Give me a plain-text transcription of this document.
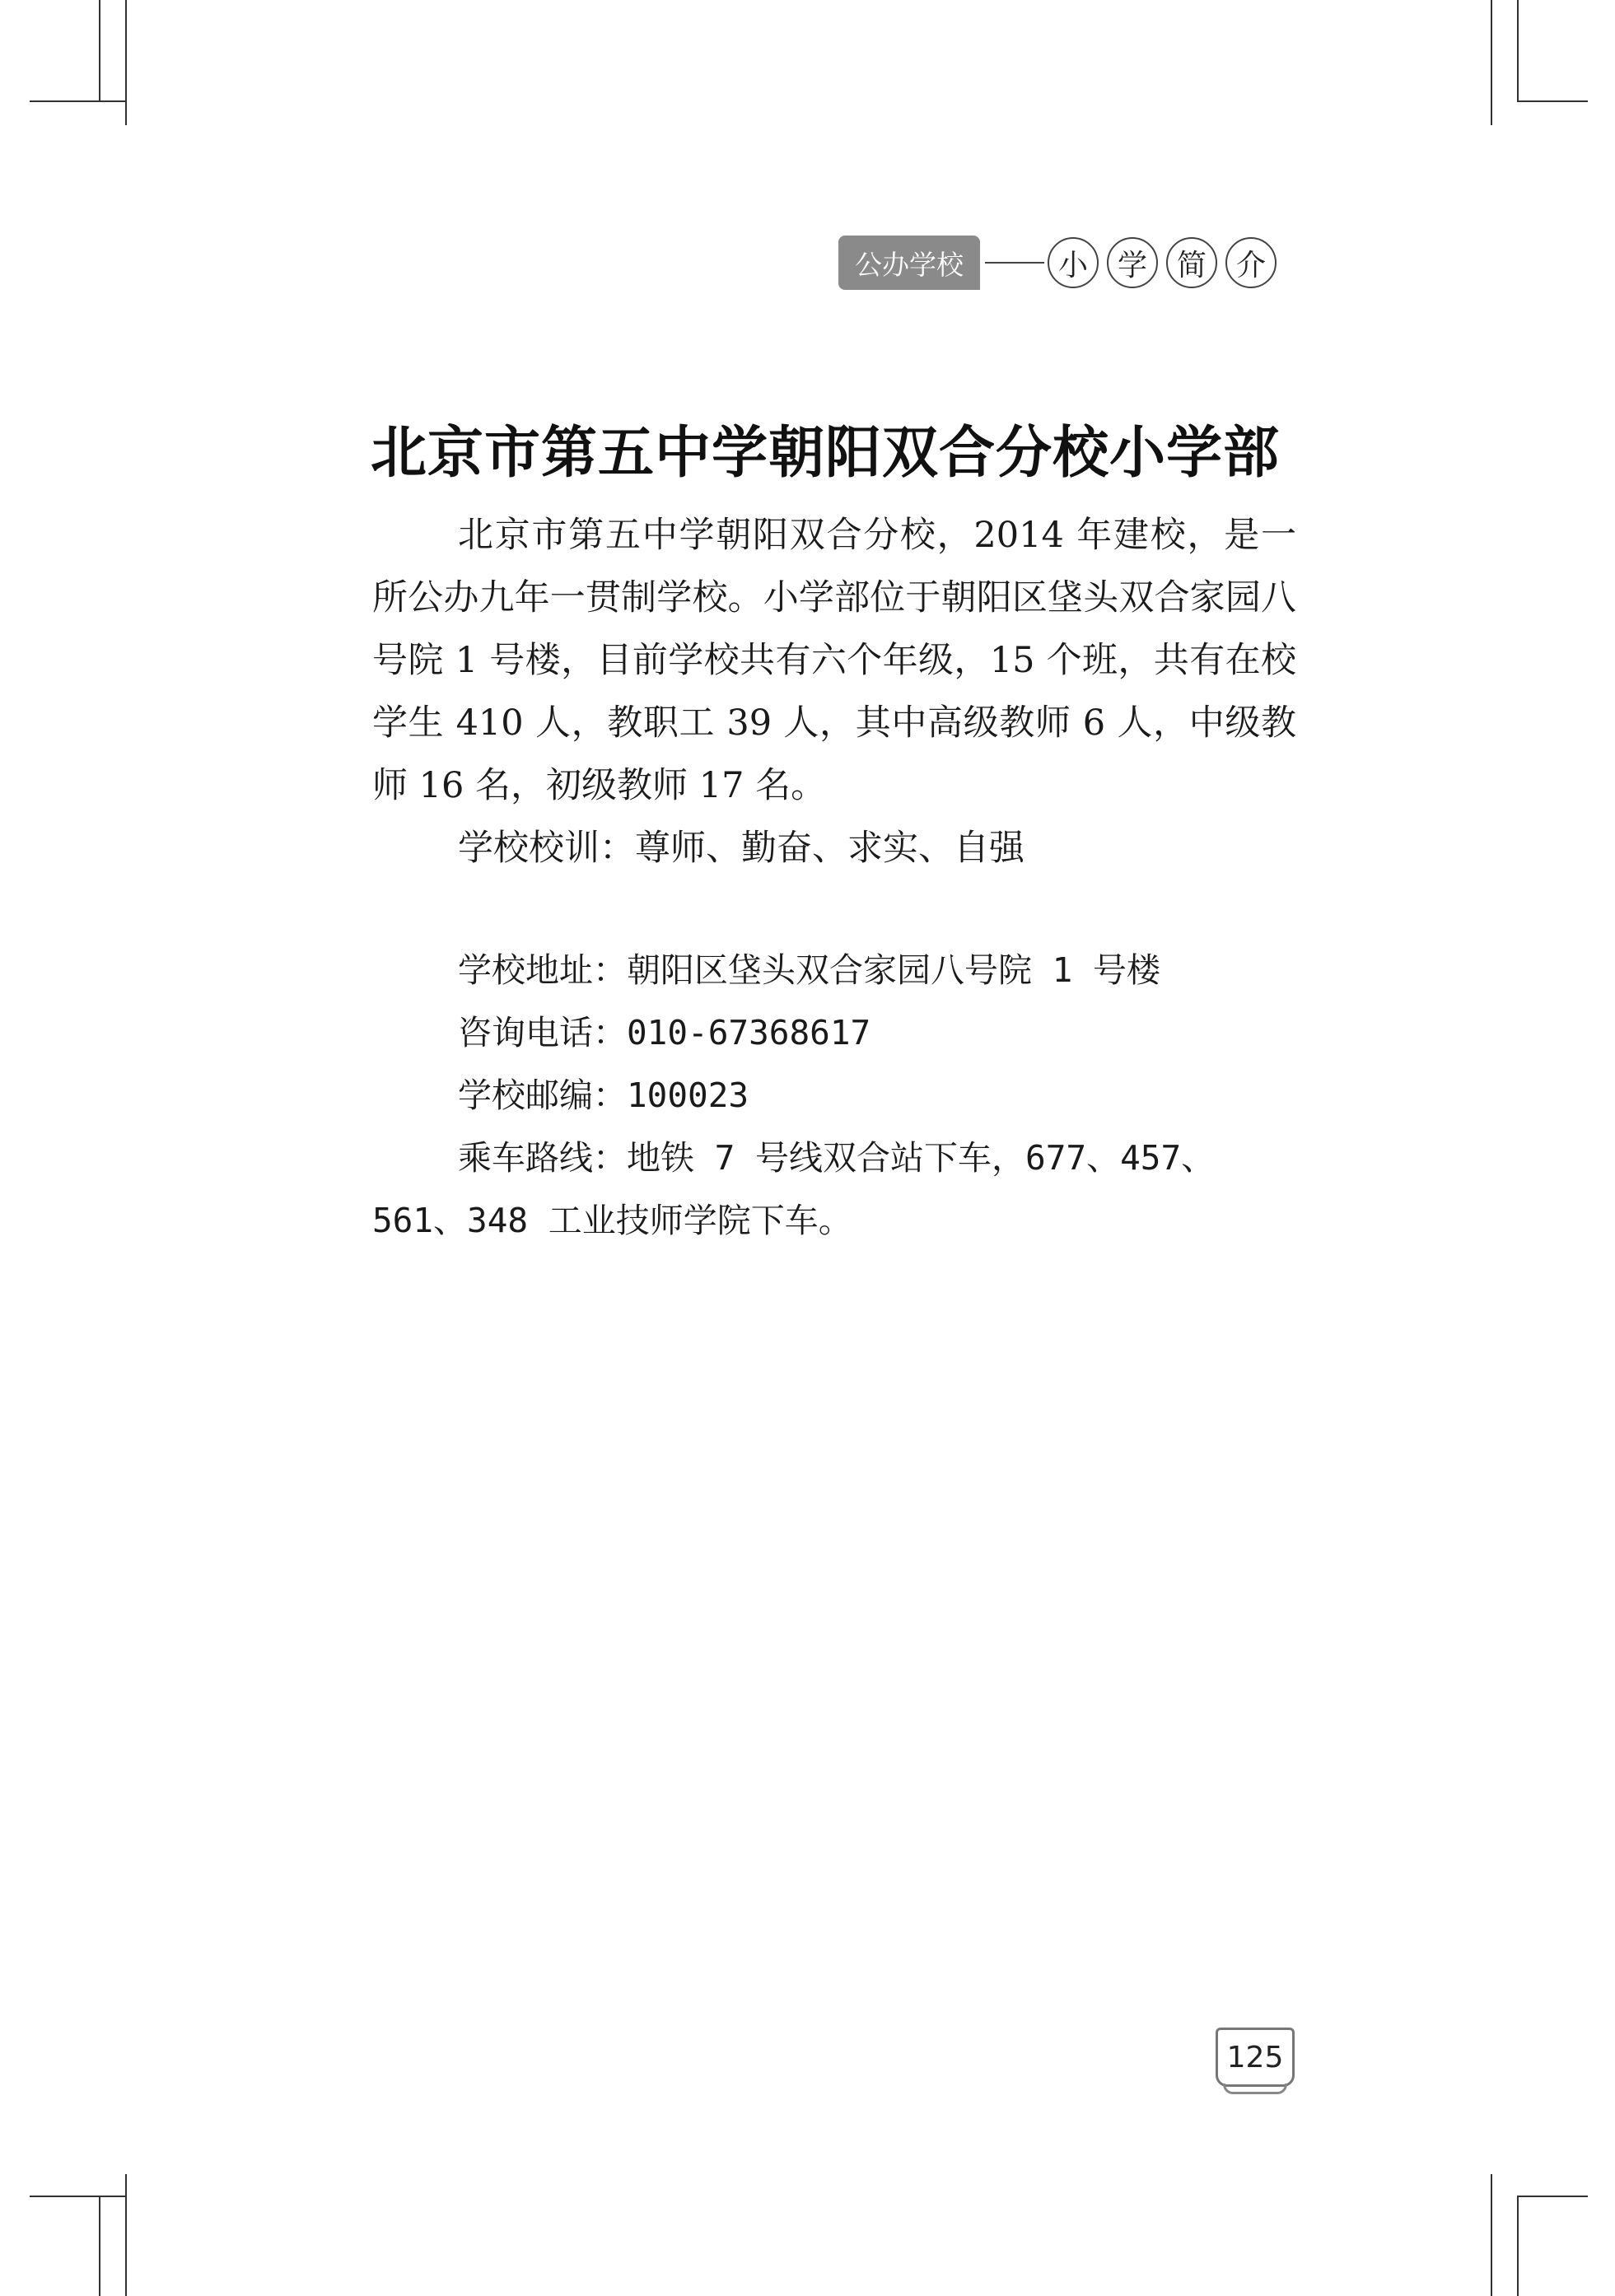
公办学校	小 学 简 介
北京市第五中学朝阳双合分校小学部

北京市第五中学朝阳双合分校，2014 年建校，是一所公办九年一贯制学校。小学部位于朝阳区垡头双合家园八号院 1 号楼，目前学校共有六个年级，15 个班，共有在校学生 410 人，教职工 39 人，其中高级教师 6 人，中级教师 16 名，初级教师 17 名。

学校校训：尊师、勤奋、求实、自强

学校地址：朝阳区垡头双合家园八号院 1 号楼

咨询电话：010-67368617

学校邮编：100023

乘车路线：地铁 7 号线双合站下车，677、457、561、348 工业技师学院下车。

125
